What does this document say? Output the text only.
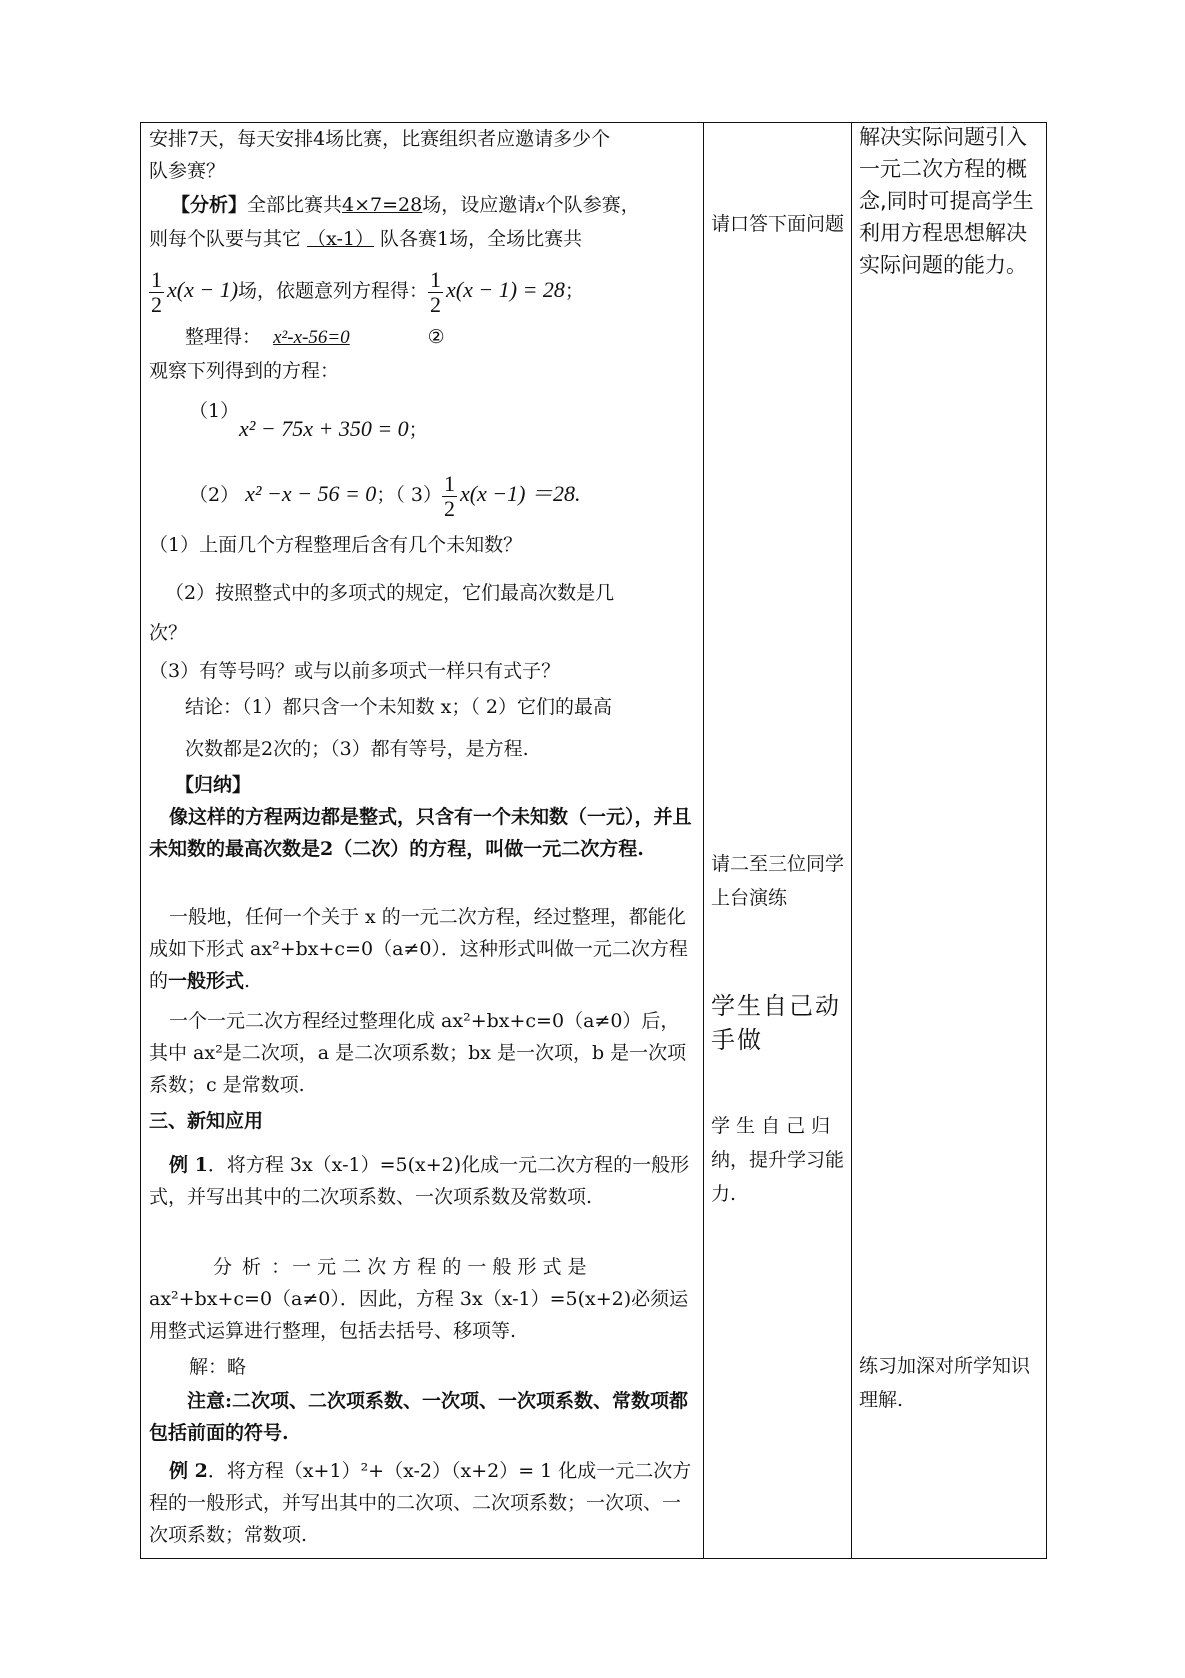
安排7天，每天安排4场比赛，比赛组织者应邀请多少个
队参赛？
【分析】全部比赛共4×7=28场，设应邀请x个队参赛，
则每个队要与其它 （x-1） 队各赛1场，全场比赛共
$\frac{1}{2} x(x - 1)$场，依题意列方程得： $\frac{1}{2} x(x - 1) = 28$；
整理得： x²-x-56=0	②
观察下列得到的方程：
（1）
x² − 75x + 350 = 0；
（2） x² −x − 56 = 0；（ $3) \frac{1}{2} x(x -1) =28$.
（1）上面几个方程整理后含有几个未知数？
（2）按照整式中的多项式的规定，它们最高次数是几
次？
（3）有等号吗？或与以前多项式一样只有式子？
结论：（1）都只含一个未知数 x；（ 2）它们的最高
次数都是2次的；（3）都有等号，是方程.
【归纳】
像这样的方程两边都是整式，只含有一个未知数（一元），并且未知数的最高次数是2（二次）的方程，叫做一元二次方程.
一般地，任何一个关于 x 的一元二次方程，经过整理，都能化成如下形式 ax²+bx+c=0（a≠0）．这种形式叫做一元二次方程的一般形式.
一个一元二次方程经过整理化成 ax²+bx+c=0（a≠0）后，其中 ax²是二次项，a 是二次项系数；bx 是一次项，b 是一次项系数；c 是常数项.
三、新知应用
例 1．将方程 3x（x-1）=5(x+2)化成一元二次方程的一般形式，并写出其中的二次项系数、一次项系数及常数项.
分 析 ：一 元 二 次 方 程 的 一 般 形 式 是 ax²+bx+c=0（a≠0）．因此，方程 3x（x-1）=5(x+2)必须运用整式运算进行整理，包括去括号、移项等.
解：略
注意:二次项、二次项系数、一次项、一次项系数、常数项都包括前面的符号.
例 2．将方程（x+1）²+（x-2）（x+2）= 1 化成一元二次方程的一般形式，并写出其中的二次项、二次项系数；一次项、一次项系数；常数项.
请口答下面问题
请二至三位同学上台演练
学生自己动手做
学 生 自 己 归 纳，提升学习能力.
解决实际问题引入一元二次方程的概念,同时可提高学生利用方程思想解决实际问题的能力。
练习加深对所学知识理解.
